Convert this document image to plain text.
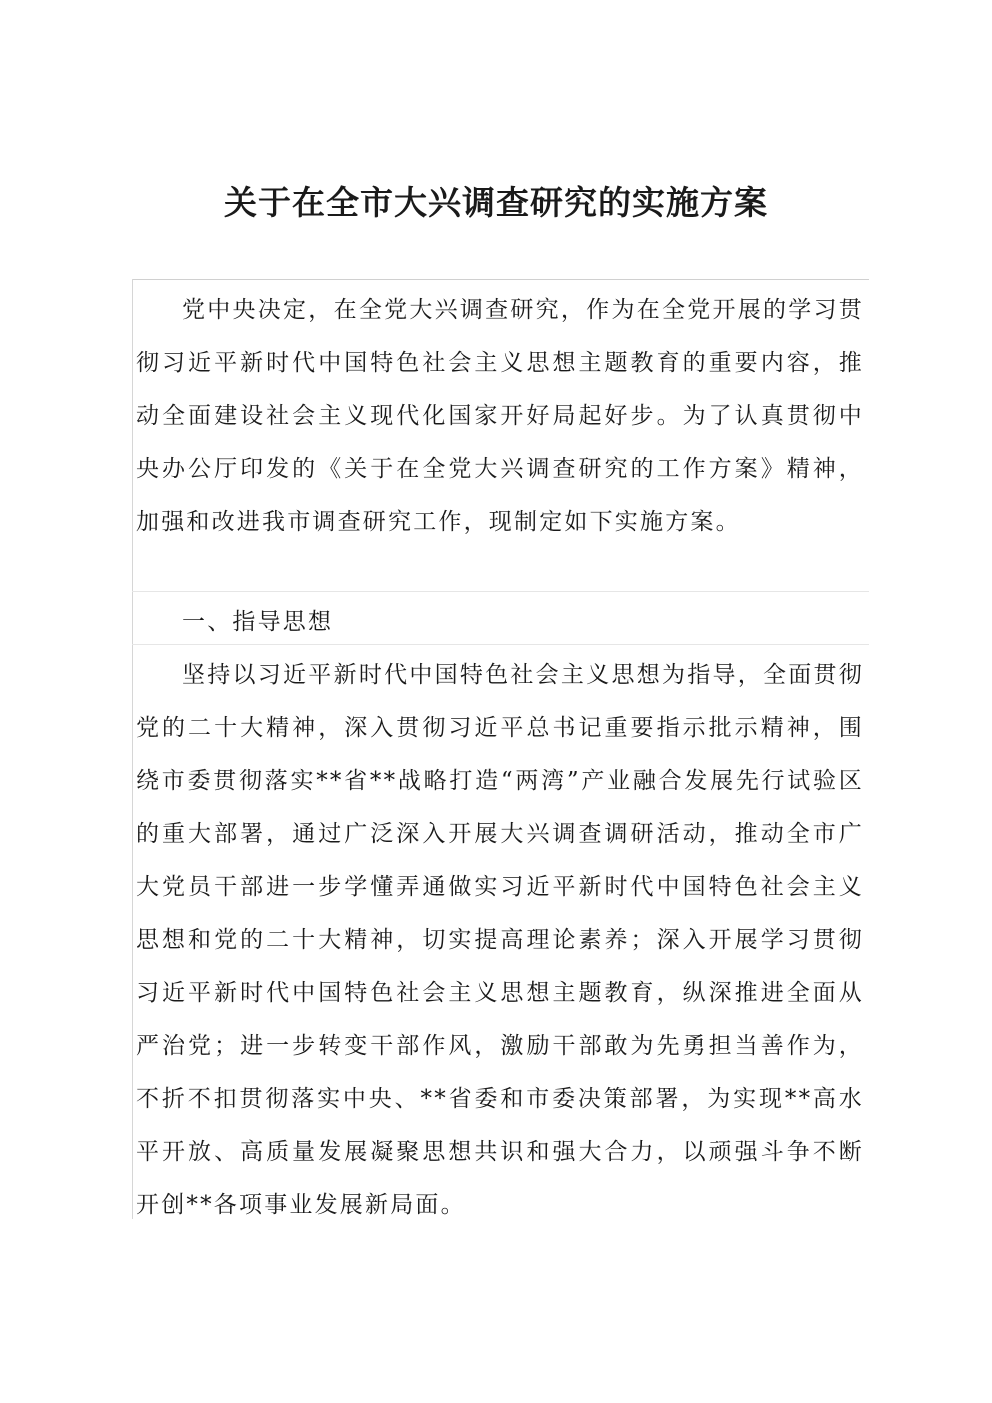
关于在全市大兴调查研究的实施方案

党中央决定，在全党大兴调查研究，作为在全党开展的学习贯彻习近平新时代中国特色社会主义思想主题教育的重要内容，推动全面建设社会主义现代化国家开好局起好步。为了认真贯彻中央办公厅印发的《关于在全党大兴调查研究的工作方案》精神，加强和改进我市调查研究工作，现制定如下实施方案。

一、指导思想

坚持以习近平新时代中国特色社会主义思想为指导，全面贯彻党的二十大精神，深入贯彻习近平总书记重要指示批示精神，围绕市委贯彻落实**省**战略打造“两湾”产业融合发展先行试验区的重大部署，通过广泛深入开展大兴调查调研活动，推动全市广大党员干部进一步学懂弄通做实习近平新时代中国特色社会主义思想和党的二十大精神，切实提高理论素养；深入开展学习贯彻习近平新时代中国特色社会主义思想主题教育，纵深推进全面从严治党；进一步转变干部作风，激励干部敢为先勇担当善作为，不折不扣贯彻落实中央、**省委和市委决策部署，为实现**高水平开放、高质量发展凝聚思想共识和强大合力，以顽强斗争不断开创**各项事业发展新局面。
